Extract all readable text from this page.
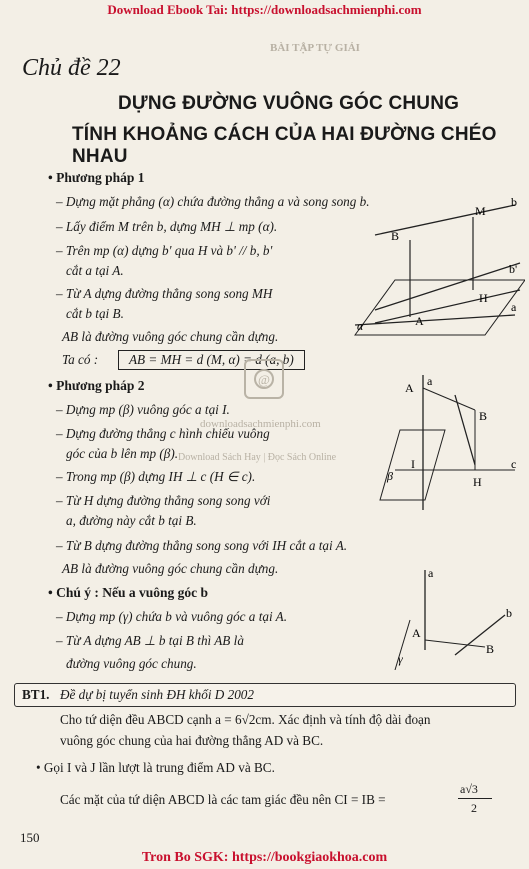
Download Ebook Tai: https://downloadsachmienphi.com
BÀI TẬP TỰ GIẢI
Chủ đề 22
DỰNG ĐƯỜNG VUÔNG GÓC CHUNG
TÍNH KHOẢNG CÁCH CỦA HAI ĐƯỜNG CHÉO NHAU
• Phương pháp 1
– Dựng mặt phẳng (α) chứa đường thẳng a và song song b.
– Lấy điểm M trên b, dựng MH ⊥ mp (α).
– Trên mp (α) dựng b' qua H và b' // b, b'
cắt a tại A.
– Từ A dựng đường thẳng song song MH
cắt b tại B.
AB là đường vuông góc chung cần dựng.
Ta có :	AB = MH = d (M, α) = d (a, b)
• Phương pháp 2
– Dựng mp (β) vuông góc a tại I.
– Dựng đường thẳng c hình chiếu vuông
góc của b lên mp (β).
– Trong mp (β) dựng IH ⊥ c (H ∈ c).
– Từ H dựng đường thẳng song song với
a, đường này cắt b tại B.
– Từ B dựng đường thẳng song song với IH cắt a tại A.
AB là đường vuông góc chung cần dựng.
• Chú ý : Nếu a vuông góc b
– Dựng mp (γ) chứa b và vuông góc a tại A.
– Từ A dựng AB ⊥ b tại B thì AB là
đường vuông góc chung.
BT1. Đề dự bị tuyển sinh ĐH khối D 2002
Cho tứ diện đều ABCD cạnh a = 6√2cm. Xác định và tính độ dài đoạn
vuông góc chung của hai đường thẳng AD và BC.
• Gọi I và J lần lượt là trung điểm AD và BC.
Các mặt của tứ diện ABCD là các tam giác đều nên CI = IB =
a√3
2
150
Tron Bo SGK: https://bookgiaokhoa.com
@
downloadsachmienphi.com
Download Sách Hay | Đọc Sách Online
M
b
B
b'
H
A
a
α
a
A
B
I
H
c
β
a
A
B
b
γ
